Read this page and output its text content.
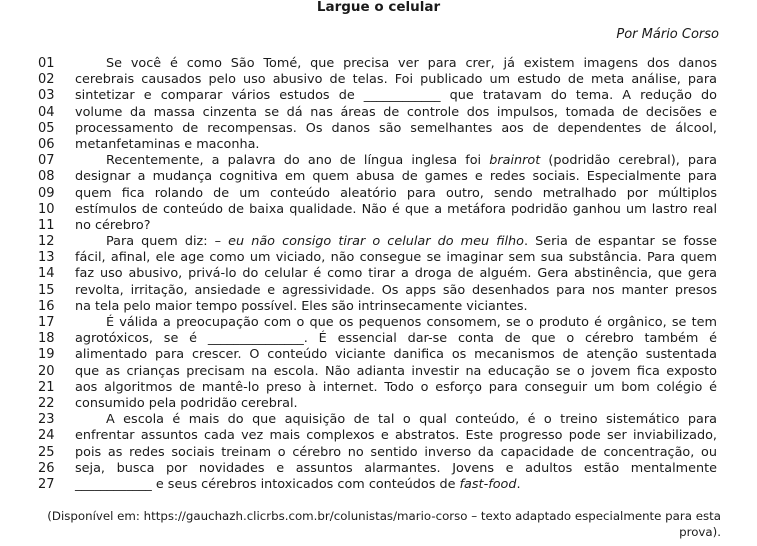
Largue o celular
Por Mário Corso
01	Se você é como São Tomé, que precisa ver para crer, já existem imagens dos danos
02 cerebrais causados pelo uso abusivo de telas. Foi publicado um estudo de meta análise, para
03 sintetizar e comparar vários estudos de ____________ que tratavam do tema. A redução do
04 volume da massa cinzenta se dá nas áreas de controle dos impulsos, tomada de decisões e
05 processamento de recompensas. Os danos são semelhantes aos de dependentes de álcool,
06 metanfetaminas e maconha.
07	Recentemente, a palavra do ano de língua inglesa foi brainrot (podridão cerebral), para
08 designar a mudança cognitiva em quem abusa de games e redes sociais. Especialmente para
09 quem fica rolando de um conteúdo aleatório para outro, sendo metralhado por múltiplos
10 estímulos de conteúdo de baixa qualidade. Não é que a metáfora podridão ganhou um lastro real
11 no cérebro?
12	Para quem diz: – eu não consigo tirar o celular do meu filho. Seria de espantar se fosse
13 fácil, afinal, ele age como um viciado, não consegue se imaginar sem sua substância. Para quem
14 faz uso abusivo, privá-lo do celular é como tirar a droga de alguém. Gera abstinência, que gera
15 revolta, irritação, ansiedade e agressividade. Os apps são desenhados para nos manter presos
16 na tela pelo maior tempo possível. Eles são intrinsecamente viciantes.
17	É válida a preocupação com o que os pequenos consomem, se o produto é orgânico, se tem
18 agrotóxicos, se é _______________. É essencial dar-se conta de que o cérebro também é
19 alimentado para crescer. O conteúdo viciante danifica os mecanismos de atenção sustentada
20 que as crianças precisam na escola. Não adianta investir na educação se o jovem fica exposto
21 aos algoritmos de mantê-lo preso à internet. Todo o esforço para conseguir um bom colégio é
22 consumido pela podridão cerebral.
23	A escola é mais do que aquisição de tal o qual conteúdo, é o treino sistemático para
24 enfrentar assuntos cada vez mais complexos e abstratos. Este progresso pode ser inviabilizado,
25 pois as redes sociais treinam o cérebro no sentido inverso da capacidade de concentração, ou
26 seja, busca por novidades e assuntos alarmantes. Jovens e adultos estão mentalmente
27 ____________ e seus cérebros intoxicados com conteúdos de fast-food.
(Disponível em: https://gauchazh.clicrbs.com.br/colunistas/mario-corso – texto adaptado especialmente para esta prova).
